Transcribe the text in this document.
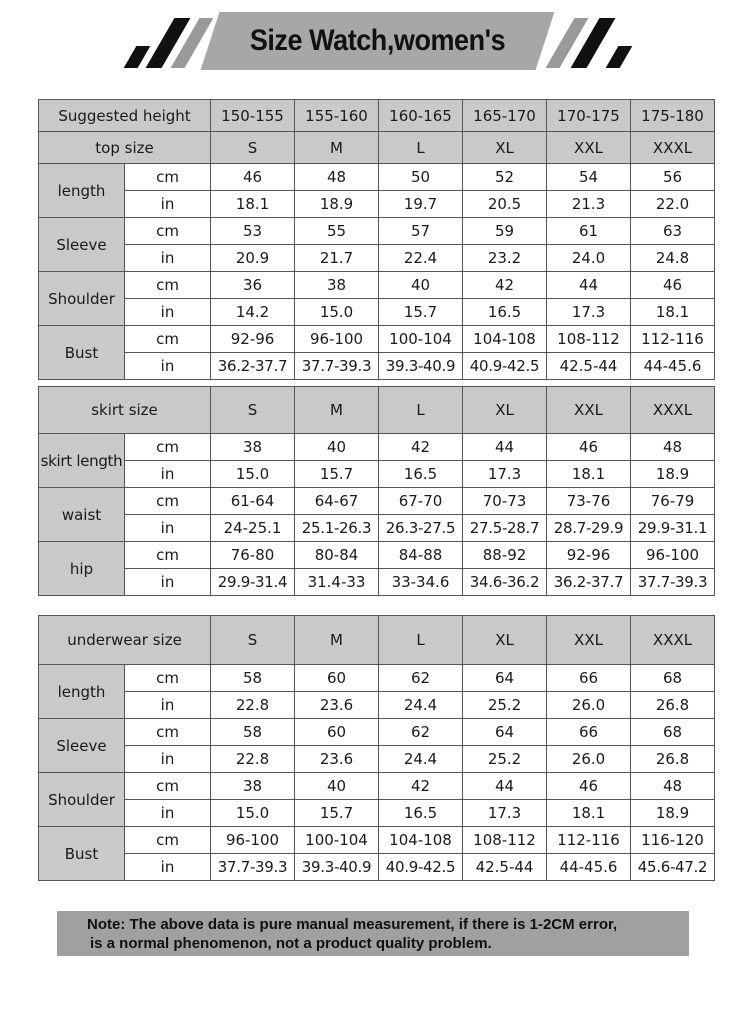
Size Watch,women's
Suggested height		150-155	155-160	160-165	165-170	170-175	175-180
top size		S	M	L	XL	XXL	XXXL
length	cm	46	48	50	52	54	56
	in	18.1	18.9	19.7	20.5	21.3	22.0
Sleeve	cm	53	55	57	59	61	63
	in	20.9	21.7	22.4	23.2	24.0	24.8
Shoulder	cm	36	38	40	42	44	46
	in	14.2	15.0	15.7	16.5	17.3	18.1
Bust	cm	92-96	96-100	100-104	104-108	108-112	112-116
	in	36.2-37.7	37.7-39.3	39.3-40.9	40.9-42.5	42.5-44	44-45.6
skirt size		S	M	L	XL	XXL	XXXL
skirt length	cm	38	40	42	44	46	48
	in	15.0	15.7	16.5	17.3	18.1	18.9
waist	cm	61-64	64-67	67-70	70-73	73-76	76-79
	in	24-25.1	25.1-26.3	26.3-27.5	27.5-28.7	28.7-29.9	29.9-31.1
hip	cm	76-80	80-84	84-88	88-92	92-96	96-100
	in	29.9-31.4	31.4-33	33-34.6	34.6-36.2	36.2-37.7	37.7-39.3
underwear size		S	M	L	XL	XXL	XXXL
length	cm	58	60	62	64	66	68
	in	22.8	23.6	24.4	25.2	26.0	26.8
Sleeve	cm	58	60	62	64	66	68
	in	22.8	23.6	24.4	25.2	26.0	26.8
Shoulder	cm	38	40	42	44	46	48
	in	15.0	15.7	16.5	17.3	18.1	18.9
Bust	cm	96-100	100-104	104-108	108-112	112-116	116-120
	in	37.7-39.3	39.3-40.9	40.9-42.5	42.5-44	44-45.6	45.6-47.2
Note: The above data is pure manual measurement, if there is 1-2CM error,
is a normal phenomenon, not a product quality problem.
